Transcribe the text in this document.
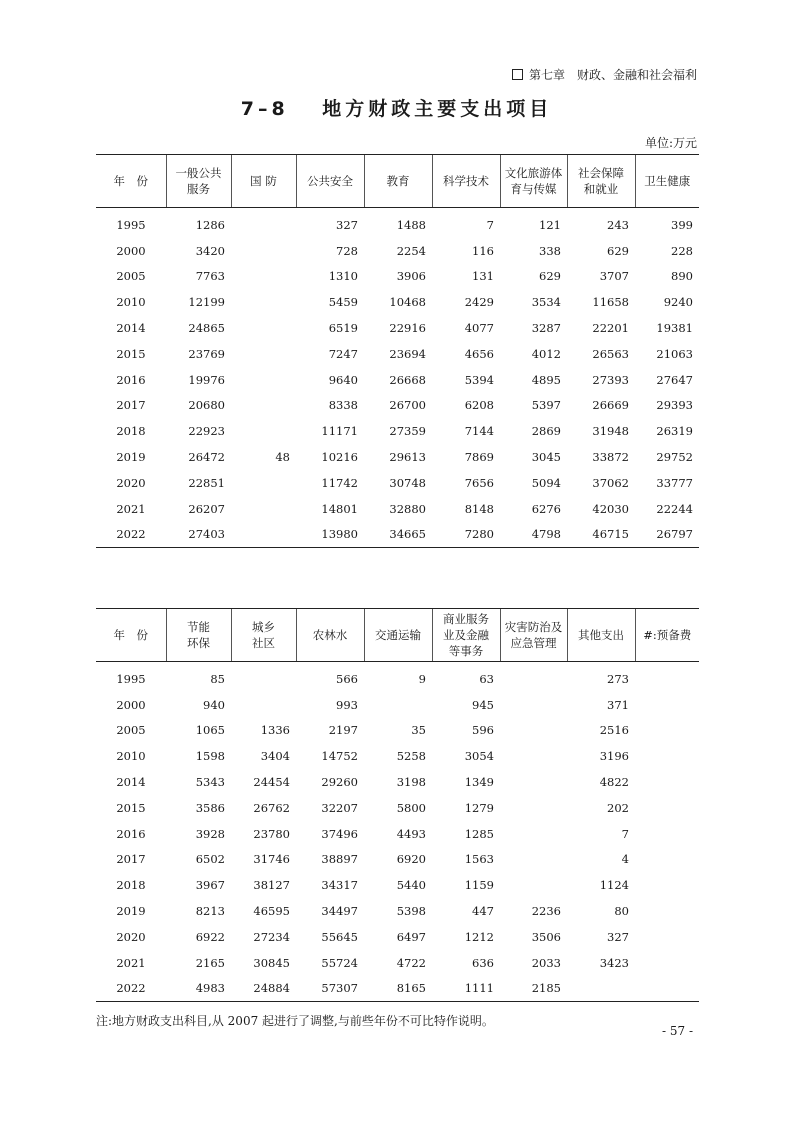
第七章　财政、金融和社会福利
7–8　 地方财政主要支出项目
单位:万元
年　份	一般公共
服务	国 防	公共安全	教育	科学技术	文化旅游体
育与传媒	社会保障
和就业	卫生健康
1995	1286		327	1488	7	121	243	399
2000	3420		728	2254	116	338	629	228
2005	7763		1310	3906	131	629	3707	890
2010	12199		5459	10468	2429	3534	11658	9240
2014	24865		6519	22916	4077	3287	22201	19381
2015	23769		7247	23694	4656	4012	26563	21063
2016	19976		9640	26668	5394	4895	27393	27647
2017	20680		8338	26700	6208	5397	26669	29393
2018	22923		11171	27359	7144	2869	31948	26319
2019	26472	48	10216	29613	7869	3045	33872	29752
2020	22851		11742	30748	7656	5094	37062	33777
2021	26207		14801	32880	8148	6276	42030	22244
2022	27403		13980	34665	7280	4798	46715	26797
年　份	节能
环保	城乡
社区	农林水	交通运输	商业服务
业及金融
等事务	灾害防治及
应急管理	其他支出	#:预备费
1995	85		566	9	63		273	
2000	940		993		945		371	
2005	1065	1336	2197	35	596		2516	
2010	1598	3404	14752	5258	3054		3196	
2014	5343	24454	29260	3198	1349		4822	
2015	3586	26762	32207	5800	1279		202	
2016	3928	23780	37496	4493	1285		7	
2017	6502	31746	38897	6920	1563		4	
2018	3967	38127	34317	5440	1159		1124	
2019	8213	46595	34497	5398	447	2236	80	
2020	6922	27234	55645	6497	1212	3506	327	
2021	2165	30845	55724	4722	636	2033	3423	
2022	4983	24884	57307	8165	1111	2185		
注:地方财政支出科目,从 2007 起进行了调整,与前些年份不可比特作说明。
- 57 -
